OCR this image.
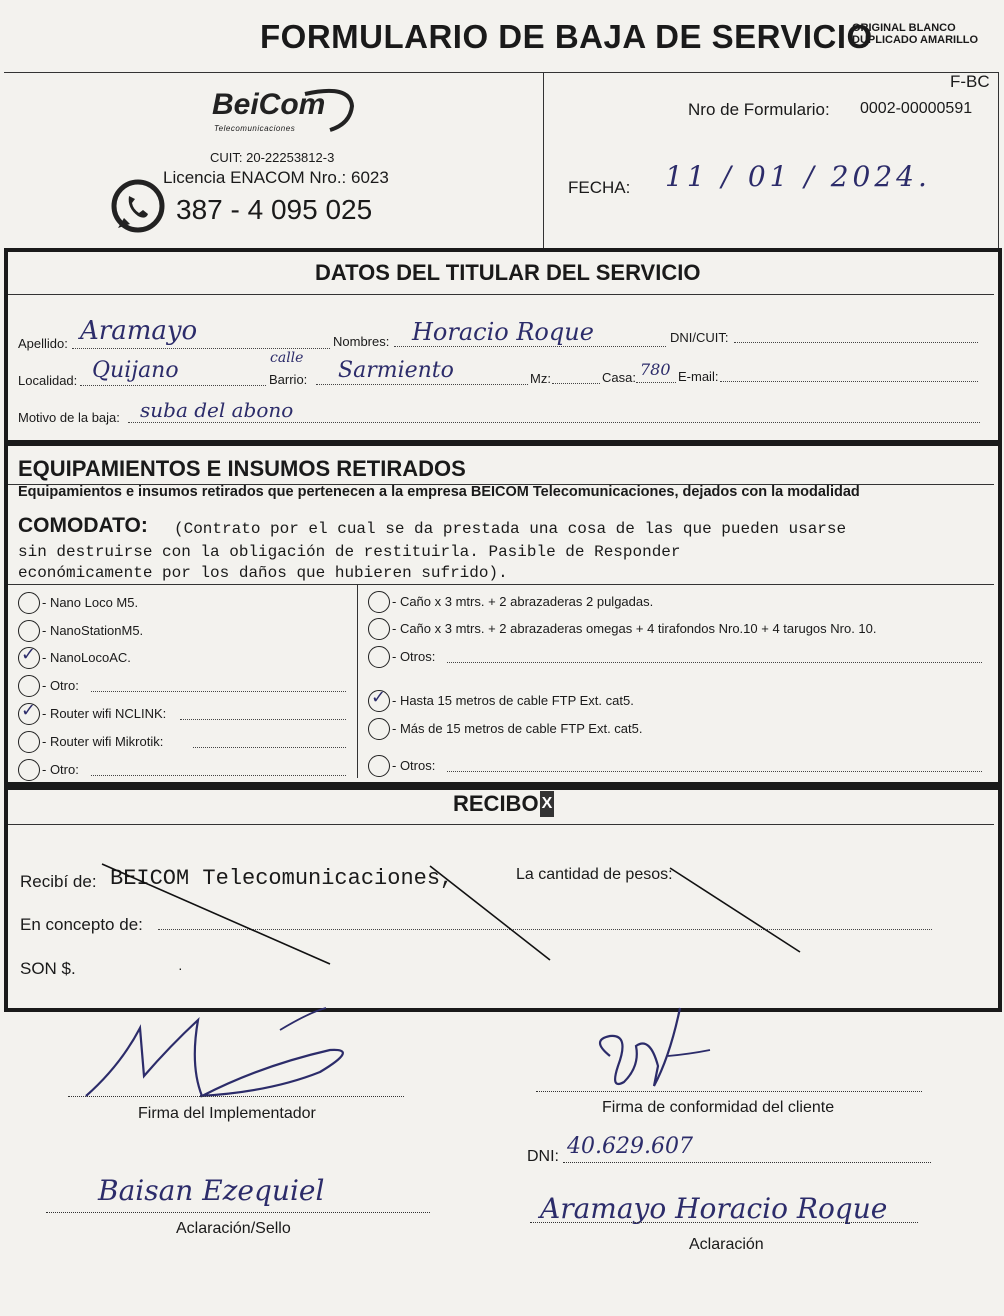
FORMULARIO DE BAJA DE SERVICIO
ORIGINAL BLANCO
DUPLICADO AMARILLO
BeiCom
Telecomunicaciones
CUIT: 20-22253812-3
Licencia ENACOM Nro.: 6023
387 - 4 095 025
F-BC
Nro de Formulario: 0002-00000591
FECHA: 11 / 01 / 2024.
DATOS DEL TITULAR DEL SERVICIO
Apellido: Aramayo	Nombres: Horacio Roque	DNI/CUIT:
Localidad: Quijano	calle
Barrio: Sarmiento	Mz:	Casa: 780 E-mail:
Motivo de la baja: suba del abono
EQUIPAMIENTOS E INSUMOS RETIRADOS
Equipamientos e insumos retirados que pertenecen a la empresa BEICOM Telecomunicaciones, dejados con la modalidad
COMODATO: (Contrato por el cual se da prestada una cosa de las que pueden usarse
sin destruirse con la obligación de restituirla. Pasible de Responder
económicamente por los daños que hubieren sufrido).
- Nano Loco M5.
- NanoStationM5.
✓ - NanoLocoAC.
- Otro:
✓ - Router wifi NCLINK:
- Router wifi Mikrotik:
- Otro:
- Caño x 3 mtrs. + 2 abrazaderas 2 pulgadas.
- Caño x 3 mtrs. + 2 abrazaderas omegas + 4 tirafondos Nro.10 + 4 tarugos Nro. 10.
- Otros:
✓ - Hasta 15 metros de cable FTP Ext. cat5.
- Más de 15 metros de cable FTP Ext. cat5.
- Otros:
RECIBO X
Recibí de: BEICOM Telecomunicaciones,	La cantidad de pesos:
En concepto de:
SON $.	·
Firma del Implementador	Firma de conformidad del cliente
DNI: 40.629.607
Baisan Ezequiel
Aclaración/Sello
Aramayo Horacio Roque
Aclaración
